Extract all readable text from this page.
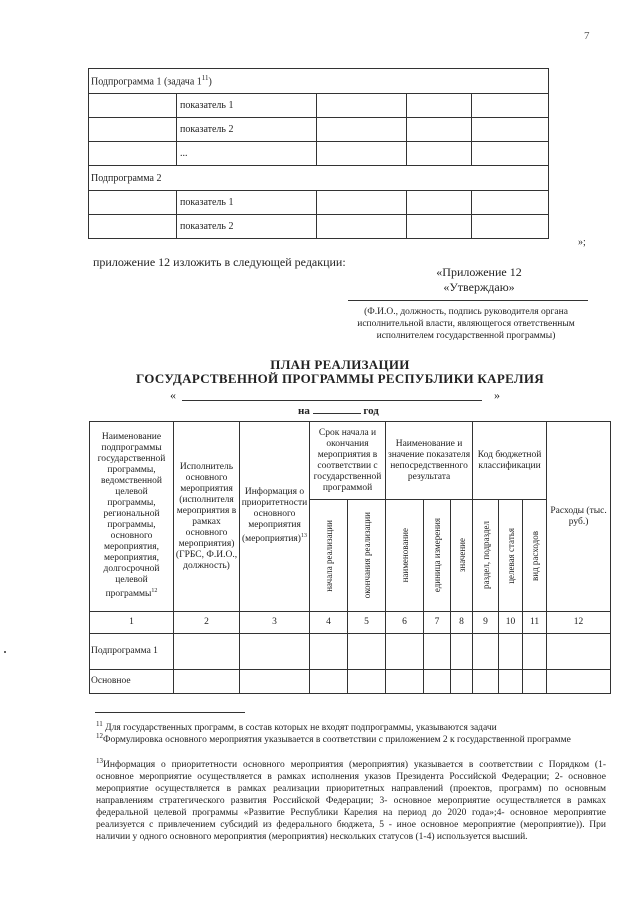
7
Подпрограмма 1 (задача $1^{11}$)				
	показатель 1			
	показатель 2			
	...			
Подпрограмма 2				
	показатель 1			
	показатель 2			
»;
приложение 12 изложить в следующей редакции:
«Приложение 12
«Утверждаю»
(Ф.И.О., должность, подпись руководителя органа исполнительной власти, являющегося ответственным исполнителем государственной программы)
ПЛАН РЕАЛИЗАЦИИ
ГОСУДАРСТВЕННОЙ ПРОГРАММЫ РЕСПУБЛИКИ КАРЕЛИЯ
«	»
на	год
Наименование подпрограммы государственной программы, ведомственной целевой программы, региональной программы, основного мероприятия, мероприятия, долгосрочной целевой программы$^{12}$	Исполнитель основного мероприятия (исполнителя мероприятия в рамках основного мероприятия) (ГРБС, Ф.И.О., должность)	Информация о приоритетности основного мероприятия (мероприятия)$^{13}$	Срок начала и окончания мероприятия в соответствии с государственной программой		Наименование и значение показателя непосредственного результата			Код бюджетной классификации			Расходы (тыс. руб.)

			начала реализации	окончания реализации	наименование	единица измерения	значение	раздел, подраздел	целевая статья	вид расходов	

1	2	3	4	5	6	7	8	9	10	11	12
Подпрограмма 1											
Основное											
$^{11}$ Для государственных программ, в состав которых не входят подпрограммы, указываются задачи
$^{12}$Формулировка основного мероприятия указывается в соответствии с приложением 2 к государственной программе
$^{13}$Информация о приоритетности основного мероприятия (мероприятия) указывается в соответствии с Порядком (1- основное мероприятие осуществляется в рамках исполнения указов Президента Российской Федерации; 2- основное мероприятие осуществляется в рамках реализации приоритетных направлений (проектов, программ) по основным направлениям стратегического развития Российской Федерации; 3- основное мероприятие осуществляется в рамках федеральной целевой программы «Развитие Республики Карелия на период до 2020 года»;4- основное мероприятие реализуется с привлечением субсидий из федерального бюджета, 5 - иное основное мероприятие (мероприятие)). При наличии у одного основного мероприятия (мероприятия) нескольких статусов (1-4) используется высший.
